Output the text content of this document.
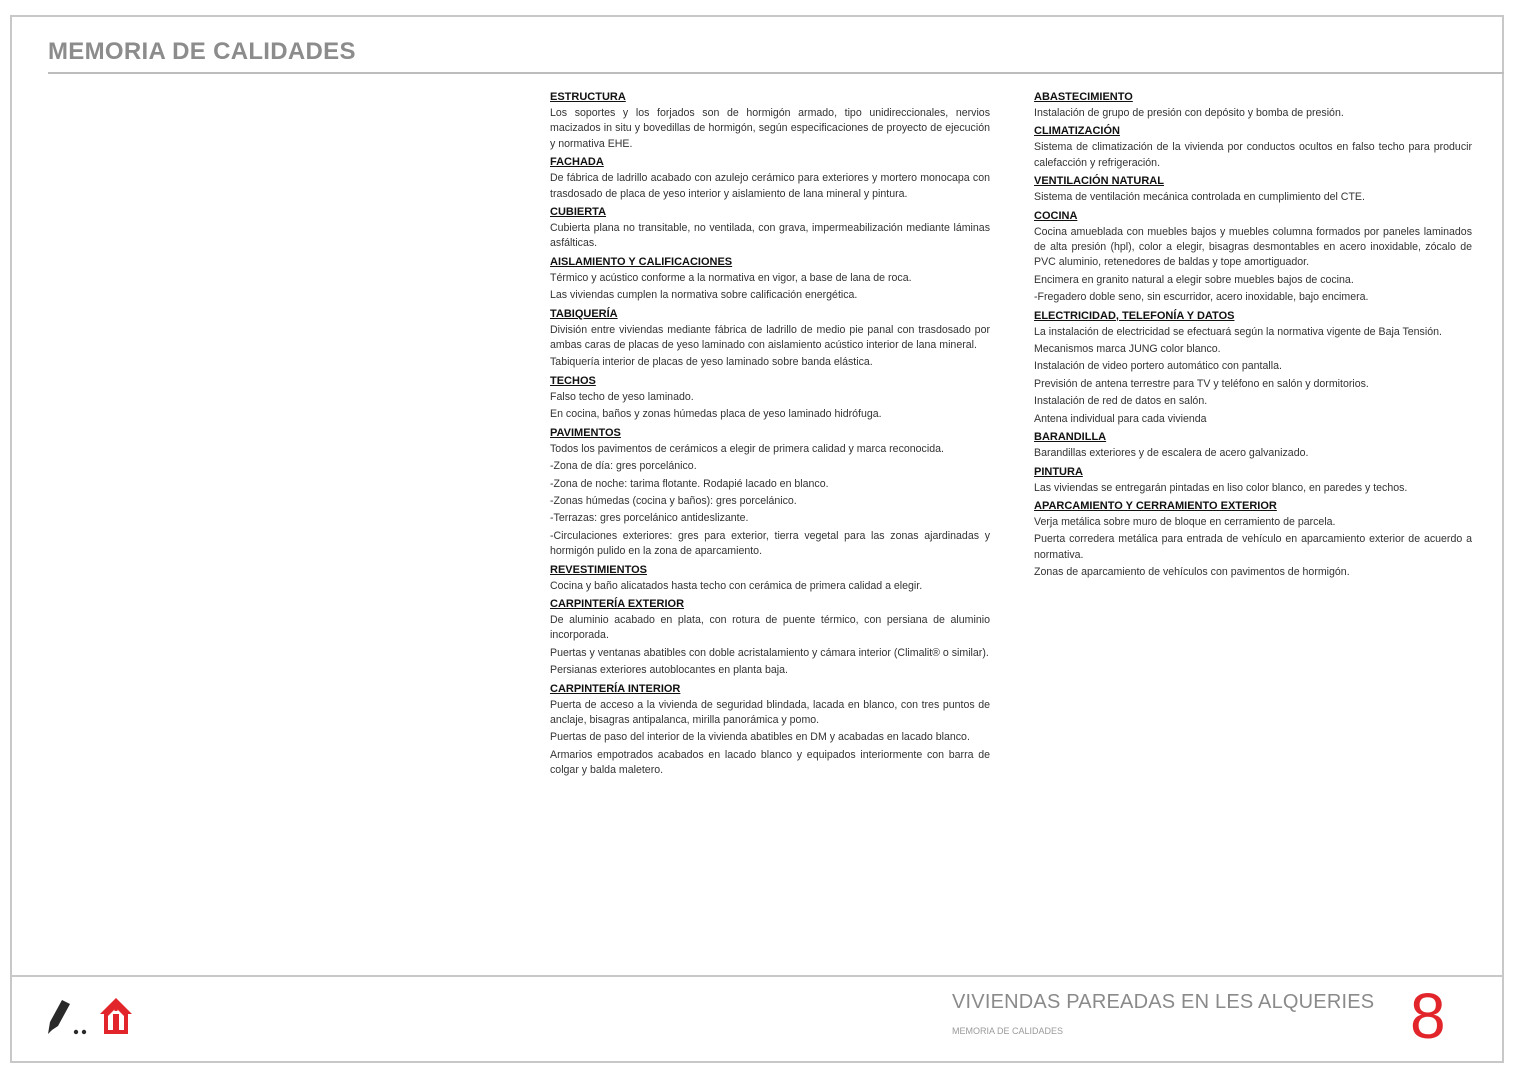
MEMORIA DE CALIDADES
ESTRUCTURA

Los soportes y los forjados son de hormigón armado, tipo unidireccionales, nervios macizados in situ y bovedillas de hormigón, según especificaciones de proyecto de ejecución y normativa EHE.

FACHADA

De fábrica de ladrillo acabado con azulejo cerámico para exteriores y mortero monocapa con trasdosado de placa de yeso interior y aislamiento de lana mineral y pintura.

CUBIERTA

Cubierta plana no transitable, no ventilada, con grava, impermeabilización mediante láminas asfálticas.

AISLAMIENTO Y CALIFICACIONES

Térmico y acústico conforme a la normativa en vigor, a base de lana de roca.

Las viviendas cumplen la normativa sobre calificación energética.

TABIQUERÍA

División entre viviendas mediante fábrica de ladrillo de medio pie panal con trasdosado por ambas caras de placas de yeso laminado con aislamiento acústico interior de lana mineral.

Tabiquería interior de placas de yeso laminado sobre banda elástica.

TECHOS

Falso techo de yeso laminado.

En cocina, baños y zonas húmedas placa de yeso laminado hidrófuga.

PAVIMENTOS

Todos los pavimentos de cerámicos a elegir de primera calidad y marca reconocida.

-Zona de día: gres porcelánico.

-Zona de noche: tarima flotante. Rodapié lacado en blanco.

-Zonas húmedas (cocina y baños): gres porcelánico.

-Terrazas: gres porcelánico antideslizante.

-Circulaciones exteriores: gres para exterior, tierra vegetal para las zonas ajardinadas y hormigón pulido en la zona de aparcamiento.

REVESTIMIENTOS

Cocina y baño alicatados hasta techo con cerámica de primera calidad a elegir.

CARPINTERÍA EXTERIOR

De aluminio acabado en plata, con rotura de puente térmico, con persiana de aluminio incorporada.

Puertas y ventanas abatibles con doble acristalamiento y cámara interior (Climalit® o similar).

Persianas exteriores autoblocantes en planta baja.

CARPINTERÍA INTERIOR

Puerta de acceso a la vivienda de seguridad blindada, lacada en blanco, con tres puntos de anclaje, bisagras antipalanca, mirilla panorámica y pomo.

Puertas de paso del interior de la vivienda abatibles en DM y acabadas en lacado blanco.

Armarios empotrados acabados en lacado blanco y equipados interiormente con barra de colgar y balda maletero.

ABASTECIMIENTO

Instalación de grupo de presión con depósito y bomba de presión.

CLIMATIZACIÓN

Sistema de climatización de la vivienda por conductos ocultos en falso techo para producir calefacción y refrigeración.

VENTILACIÓN NATURAL

Sistema de ventilación mecánica controlada en cumplimiento del CTE.

COCINA

Cocina amueblada con muebles bajos y muebles columna formados por paneles laminados de alta presión (hpl), color a elegir, bisagras desmontables en acero inoxidable, zócalo de PVC aluminio, retenedores de baldas y tope amortiguador.

Encimera en granito natural a elegir sobre muebles bajos de cocina.

-Fregadero doble seno, sin escurridor, acero inoxidable, bajo encimera.

ELECTRICIDAD, TELEFONÍA Y DATOS

La instalación de electricidad se efectuará según la normativa vigente de Baja Tensión.

Mecanismos marca JUNG color blanco.

Instalación de video portero automático con pantalla.

Previsión de antena terrestre para TV y teléfono en salón y dormitorios.

Instalación de red de datos en salón.

Antena individual para cada vivienda

BARANDILLA

Barandillas exteriores y de escalera de acero galvanizado.

PINTURA

Las viviendas se entregarán pintadas en liso color blanco, en paredes y techos.

APARCAMIENTO Y CERRAMIENTO EXTERIOR

Verja metálica sobre muro de bloque en cerramiento de parcela.

Puerta corredera metálica para entrada de vehículo en aparcamiento exterior de acuerdo a normativa.

Zonas de aparcamiento de vehículos con pavimentos de hormigón.

VIVIENDAS PAREADAS EN LES ALQUERIES
MEMORIA DE CALIDADES	8
